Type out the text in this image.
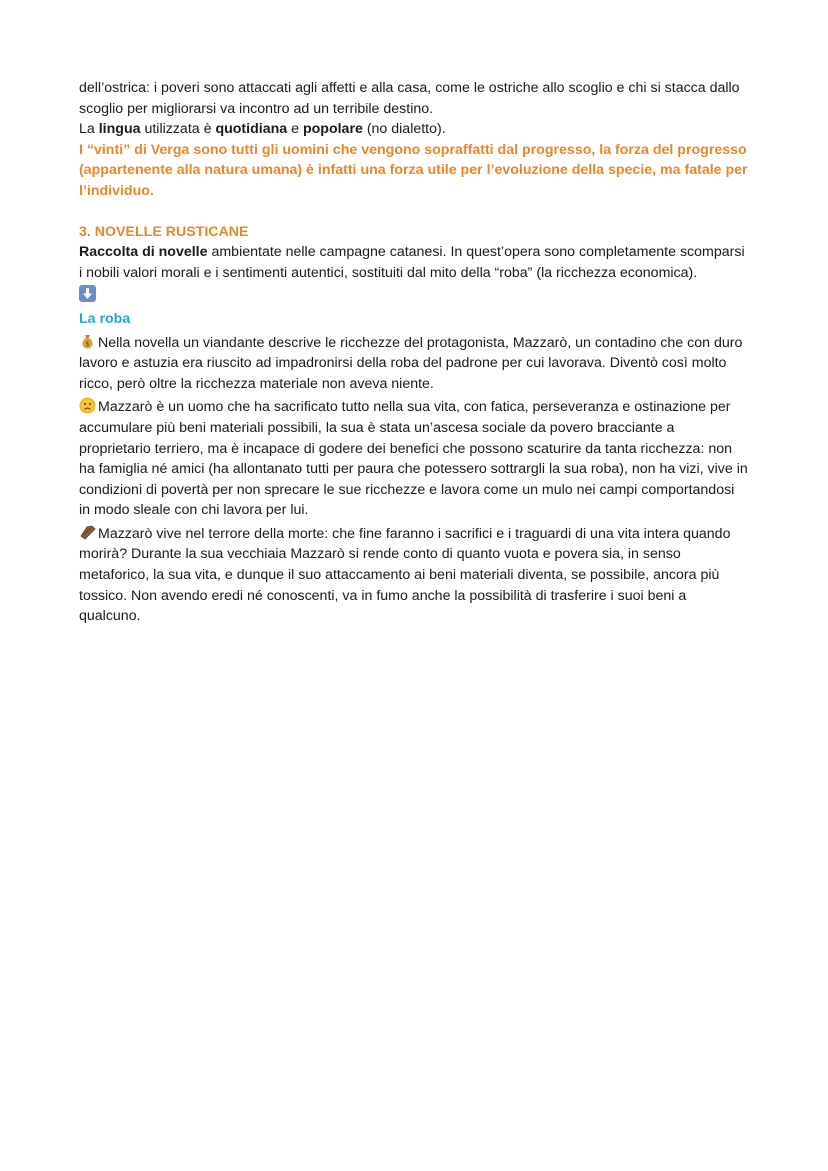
dell’ostrica: i poveri sono attaccati agli affetti e alla casa, come le ostriche allo scoglio e chi si stacca dallo scoglio per migliorarsi va incontro ad un terribile destino.

La lingua utilizzata è quotidiana e popolare (no dialetto).

I “vinti” di Verga sono tutti gli uomini che vengono sopraffatti dal progresso, la forza del progresso (appartenente alla natura umana) è infatti una forza utile per l’evoluzione della specie, ma fatale per l’individuo.

3. NOVELLE RUSTICANE

Raccolta di novelle ambientate nelle campagne catanesi. In quest’opera sono completamente scomparsi i nobili valori morali e i sentimenti autentici, sostituiti dal mito della “roba” (la ricchezza economica).

La roba

$ Nella novella un viandante descrive le ricchezze del protagonista, Mazzarò, un contadino che con duro lavoro e astuzia era riuscito ad impadronirsi della roba del padrone per cui lavorava. Diventò così molto ricco, però oltre la ricchezza materiale non aveva niente.

Mazzarò è un uomo che ha sacrificato tutto nella sua vita, con fatica, perseveranza e ostinazione per accumulare più beni materiali possibili, la sua è stata un’ascesa sociale da povero bracciante a proprietario terriero, ma è incapace di godere dei benefici che possono scaturire da tanta ricchezza: non ha famiglia né amici (ha allontanato tutti per paura che potessero sottrargli la sua roba), non ha vizi, vive in condizioni di povertà per non sprecare le sue ricchezze e lavora come un mulo nei campi comportandosi in modo sleale con chi lavora per lui.

Mazzarò vive nel terrore della morte: che fine faranno i sacrifici e i traguardi di una vita intera quando morirà? Durante la sua vecchiaia Mazzarò si rende conto di quanto vuota e povera sia, in senso metaforico, la sua vita, e dunque il suo attaccamento ai beni materiali diventa, se possibile, ancora più tossico. Non avendo eredi né conoscenti, va in fumo anche la possibilità di trasferire i suoi beni a qualcuno.
